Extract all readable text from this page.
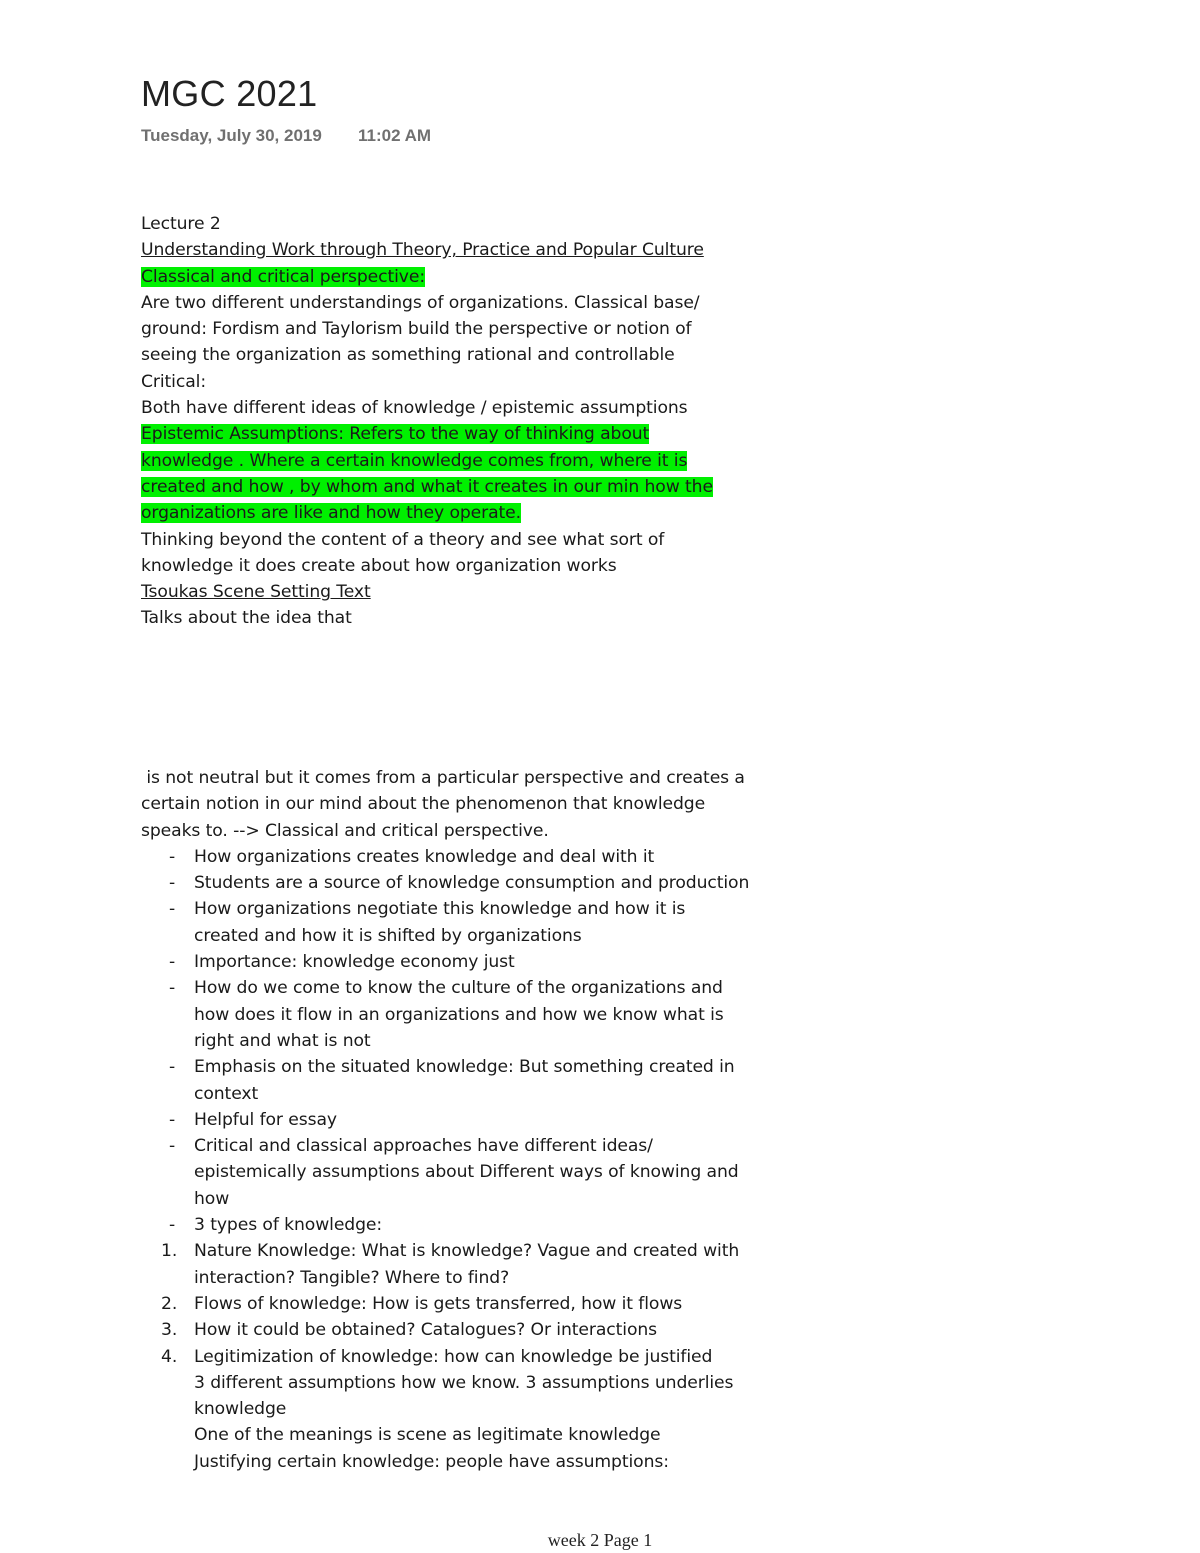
MGC 2021
Tuesday, July 30, 2019 11:02 AM
Lecture 2
Understanding Work through Theory, Practice and Popular Culture
Classical and critical perspective:
Are two different understandings of organizations. Classical base/
ground: Fordism and Taylorism build the perspective or notion of
seeing the organization as something rational and controllable
Critical:
Both have different ideas of knowledge / epistemic assumptions
Epistemic Assumptions: Refers to the way of thinking about
knowledge . Where a certain knowledge comes from, where it is
created and how , by whom and what it creates in our min how the
organizations are like and how they operate.
Thinking beyond the content of a theory and see what sort of
knowledge it does create about how organization works
Tsoukas Scene Setting Text
Talks about the idea that
is not neutral but it comes from a particular perspective and creates a
certain notion in our mind about the phenomenon that knowledge
speaks to. --> Classical and critical perspective.
- How organizations creates knowledge and deal with it
- Students are a source of knowledge consumption and production
- How organizations negotiate this knowledge and how it is
created and how it is shifted by organizations
- Importance: knowledge economy just
- How do we come to know the culture of the organizations and
how does it flow in an organizations and how we know what is
right and what is not
- Emphasis on the situated knowledge: But something created in
context
- Helpful for essay
- Critical and classical approaches have different ideas/
epistemically assumptions about Different ways of knowing and
how
- 3 types of knowledge:
1. Nature Knowledge: What is knowledge? Vague and created with
interaction? Tangible? Where to find?
2. Flows of knowledge: How is gets transferred, how it flows
3. How it could be obtained? Catalogues? Or interactions
4. Legitimization of knowledge: how can knowledge be justified
3 different assumptions how we know. 3 assumptions underlies
knowledge
One of the meanings is scene as legitimate knowledge
Justifying certain knowledge: people have assumptions:
week 2 Page 1
